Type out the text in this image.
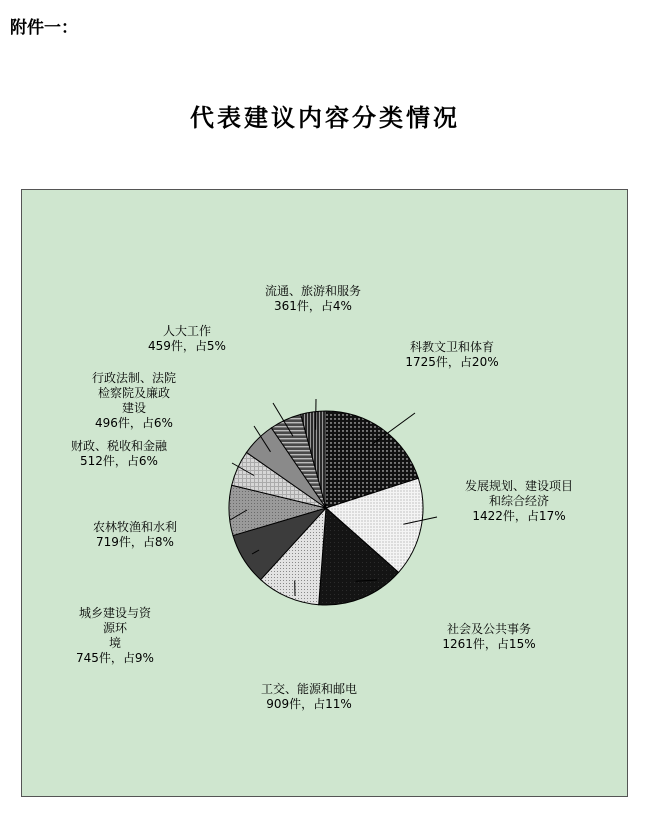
附件一：
代表建议内容分类情况
科教文卫和体育 1725件，占20%
发展规划、建设项目和综合经济 1422件，占17%
社会及公共事务 1261件，占15%
工交、能源和邮电 909件，占11%
城乡建设与资源环境 745件，占9%
农林牧渔和水利 719件，占8%
财政、税收和金融 512件，占6%
行政法制、法院检察院及廉政建设 496件，占6%
人大工作 459件，占5%
流通、旅游和服务 361件，占4%
